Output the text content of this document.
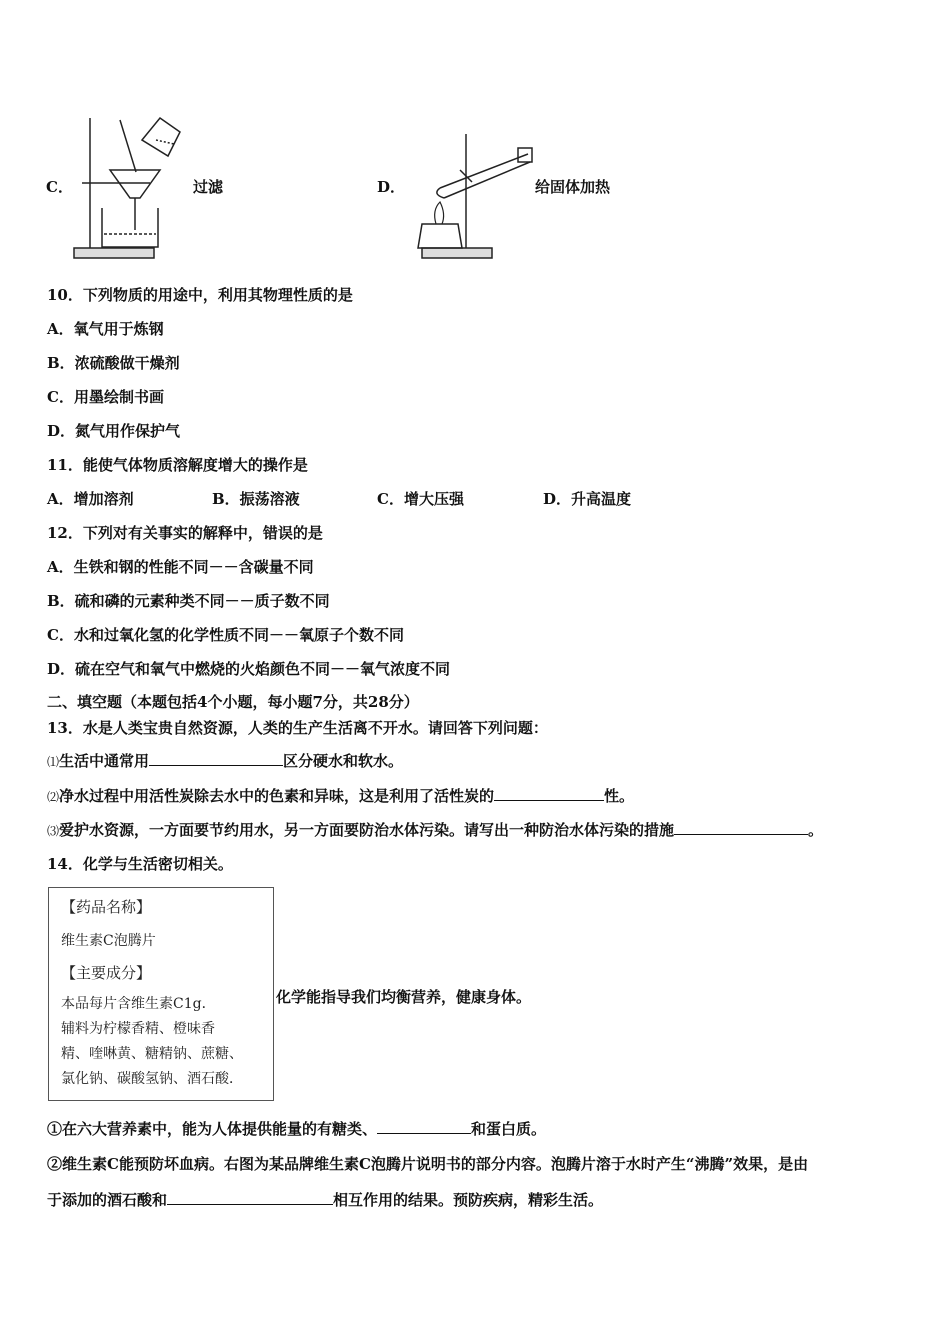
C．	过滤	D．	给固体加热
10．下列物质的用途中，利用其物理性质的是
A．氧气用于炼钢
B．浓硫酸做干燥剂
C．用墨绘制书画
D．氮气用作保护气
11．能使气体物质溶解度增大的操作是
A．增加溶剂	B．振荡溶液	C．增大压强	D．升高温度
12．下列对有关事实的解释中，错误的是
A．生铁和钢的性能不同－－含碳量不同
B．硫和磷的元素种类不同－－质子数不同
C．水和过氧化氢的化学性质不同－－氧原子个数不同
D．硫在空气和氧气中燃烧的火焰颜色不同－－氧气浓度不同
二、填空题（本题包括4个小题，每小题7分，共28分）
13．水是人类宝贵自然资源，人类的生产生活离不开水。请回答下列问题：
⑴生活中通常用	区分硬水和软水。
⑵净水过程中用活性炭除去水中的色素和异味，这是利用了活性炭的	性。
⑶爱护水资源，一方面要节约用水，另一方面要防治水体污染。请写出一种防治水体污染的措施	。
14．化学与生活密切相关。
【药品名称】
维生素C泡腾片
【主要成分】
本品每片含维生素C1g．
辅料为柠檬香精、橙味香
精、喹啉黄、糖精钠、蔗糖、
氯化钠、碳酸氢钠、酒石酸．
化学能指导我们均衡营养，健康身体。
①在六大营养素中，能为人体提供能量的有糖类、	和蛋白质。
②维生素C能预防坏血病。右图为某品牌维生素C泡腾片说明书的部分内容。泡腾片溶于水时产生“沸腾”效果，是由
于添加的酒石酸和	相互作用的结果。预防疾病，精彩生活。
